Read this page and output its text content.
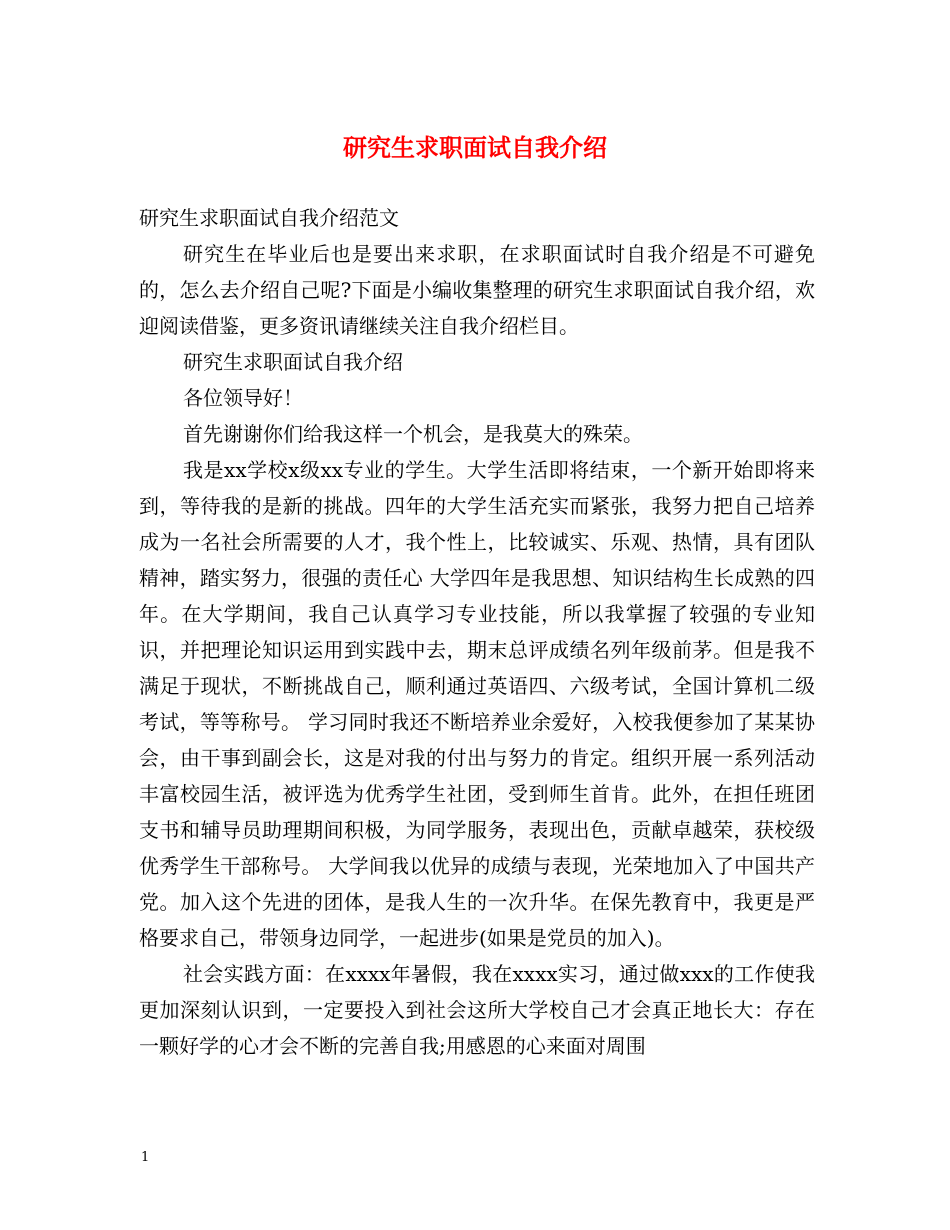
研究生求职面试自我介绍

研究生求职面试自我介绍范文

研究生在毕业后也是要出来求职，在求职面试时自我介绍是不可避免的，怎么去介绍自己呢?下面是小编收集整理的研究生求职面试自我介绍，欢迎阅读借鉴，更多资讯请继续关注自我介绍栏目。

研究生求职面试自我介绍

各位领导好！

首先谢谢你们给我这样一个机会，是我莫大的殊荣。

我是xx学校x级xx专业的学生。大学生活即将结束，一个新开始即将来到，等待我的是新的挑战。四年的大学生活充实而紧张，我努力把自己培养成为一名社会所需要的人才，我个性上，比较诚实、乐观、热情，具有团队精神，踏实努力，很强的责任心 大学四年是我思想、知识结构生长成熟的四年。在大学期间，我自己认真学习专业技能，所以我掌握了较强的专业知识，并把理论知识运用到实践中去，期末总评成绩名列年级前茅。但是我不满足于现状，不断挑战自己，顺利通过英语四、六级考试，全国计算机二级考试，等等称号。 学习同时我还不断培养业余爱好，入校我便参加了某某协会，由干事到副会长，这是对我的付出与努力的肯定。组织开展一系列活动丰富校园生活，被评选为优秀学生社团，受到师生首肯。此外，在担任班团支书和辅导员助理期间积极，为同学服务，表现出色，贡献卓越荣，获校级优秀学生干部称号。 大学间我以优异的成绩与表现，光荣地加入了中国共产党。加入这个先进的团体，是我人生的一次升华。在保先教育中，我更是严格要求自己，带领身边同学，一起进步(如果是党员的加入)。

社会实践方面：在xxxx年暑假，我在xxxx实习，通过做xxx的工作使我更加深刻认识到，一定要投入到社会这所大学校自己才会真正地长大：存在一颗好学的心才会不断的完善自我;用感恩的心来面对周围

1
